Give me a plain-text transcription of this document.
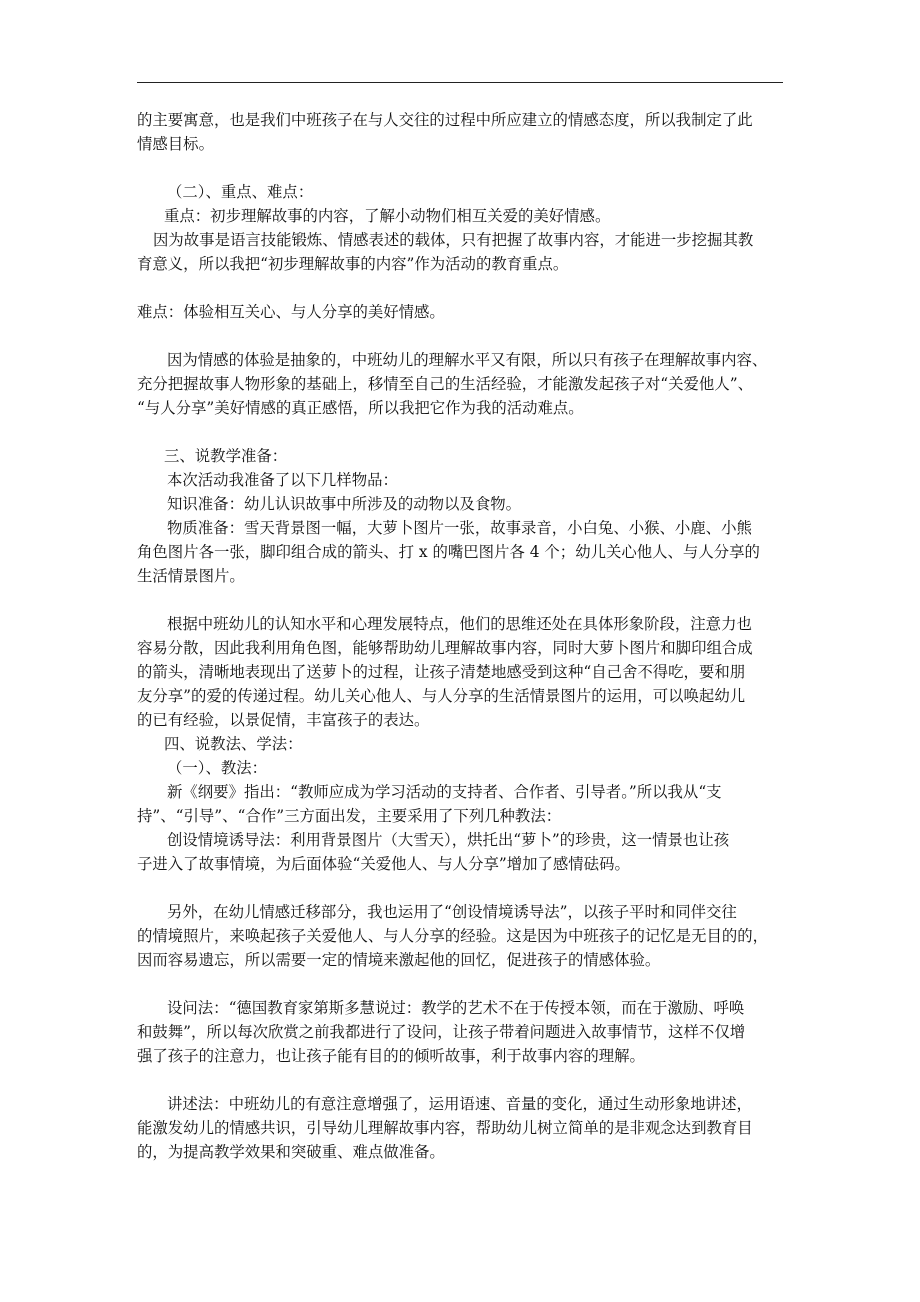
的主要寓意，也是我们中班孩子在与人交往的过程中所应建立的情感态度，所以我制定了此

情感目标。

（二）、重点、难点：

重点：初步理解故事的内容，了解小动物们相互关爱的美好情感。

因为故事是语言技能锻炼、情感表述的载体，只有把握了故事内容，才能进一步挖掘其教

育意义，所以我把“初步理解故事的内容”作为活动的教育重点。

难点：体验相互关心、与人分享的美好情感。

因为情感的体验是抽象的，中班幼儿的理解水平又有限，所以只有孩子在理解故事内容、

充分把握故事人物形象的基础上，移情至自己的生活经验，才能激发起孩子对“关爱他人”、

“与人分享”美好情感的真正感悟，所以我把它作为我的活动难点。

三、说教学准备：

本次活动我准备了以下几样物品：

知识准备：幼儿认识故事中所涉及的动物以及食物。

物质准备：雪天背景图一幅，大萝卜图片一张，故事录音，小白兔、小猴、小鹿、小熊

角色图片各一张，脚印组合成的箭头、打 x 的嘴巴图片各 4 个；幼儿关心他人、与人分享的

生活情景图片。

根据中班幼儿的认知水平和心理发展特点，他们的思维还处在具体形象阶段，注意力也

容易分散，因此我利用角色图，能够帮助幼儿理解故事内容，同时大萝卜图片和脚印组合成

的箭头，清晰地表现出了送萝卜的过程，让孩子清楚地感受到这种“自己舍不得吃，要和朋

友分享”的爱的传递过程。幼儿关心他人、与人分享的生活情景图片的运用，可以唤起幼儿

的已有经验，以景促情，丰富孩子的表达。

四、说教法、学法：

（一）、教法：

新《纲要》指出：“教师应成为学习活动的支持者、合作者、引导者。”所以我从“支

持”、“引导”、“合作”三方面出发，主要采用了下列几种教法：

创设情境诱导法：利用背景图片（大雪天），烘托出“萝卜”的珍贵，这一情景也让孩

子进入了故事情境，为后面体验“关爱他人、与人分享”增加了感情砝码。

另外，在幼儿情感迁移部分，我也运用了“创设情境诱导法”，以孩子平时和同伴交往

的情境照片，来唤起孩子关爱他人、与人分享的经验。这是因为中班孩子的记忆是无目的的，

因而容易遗忘，所以需要一定的情境来激起他的回忆，促进孩子的情感体验。

设问法：“德国教育家第斯多慧说过：教学的艺术不在于传授本领，而在于激励、呼唤

和鼓舞”，所以每次欣赏之前我都进行了设问，让孩子带着问题进入故事情节，这样不仅增

强了孩子的注意力，也让孩子能有目的的倾听故事，利于故事内容的理解。

讲述法：中班幼儿的有意注意增强了，运用语速、音量的变化，通过生动形象地讲述，

能激发幼儿的情感共识，引导幼儿理解故事内容，帮助幼儿树立简单的是非观念达到教育目

的，为提高教学效果和突破重、难点做准备。
